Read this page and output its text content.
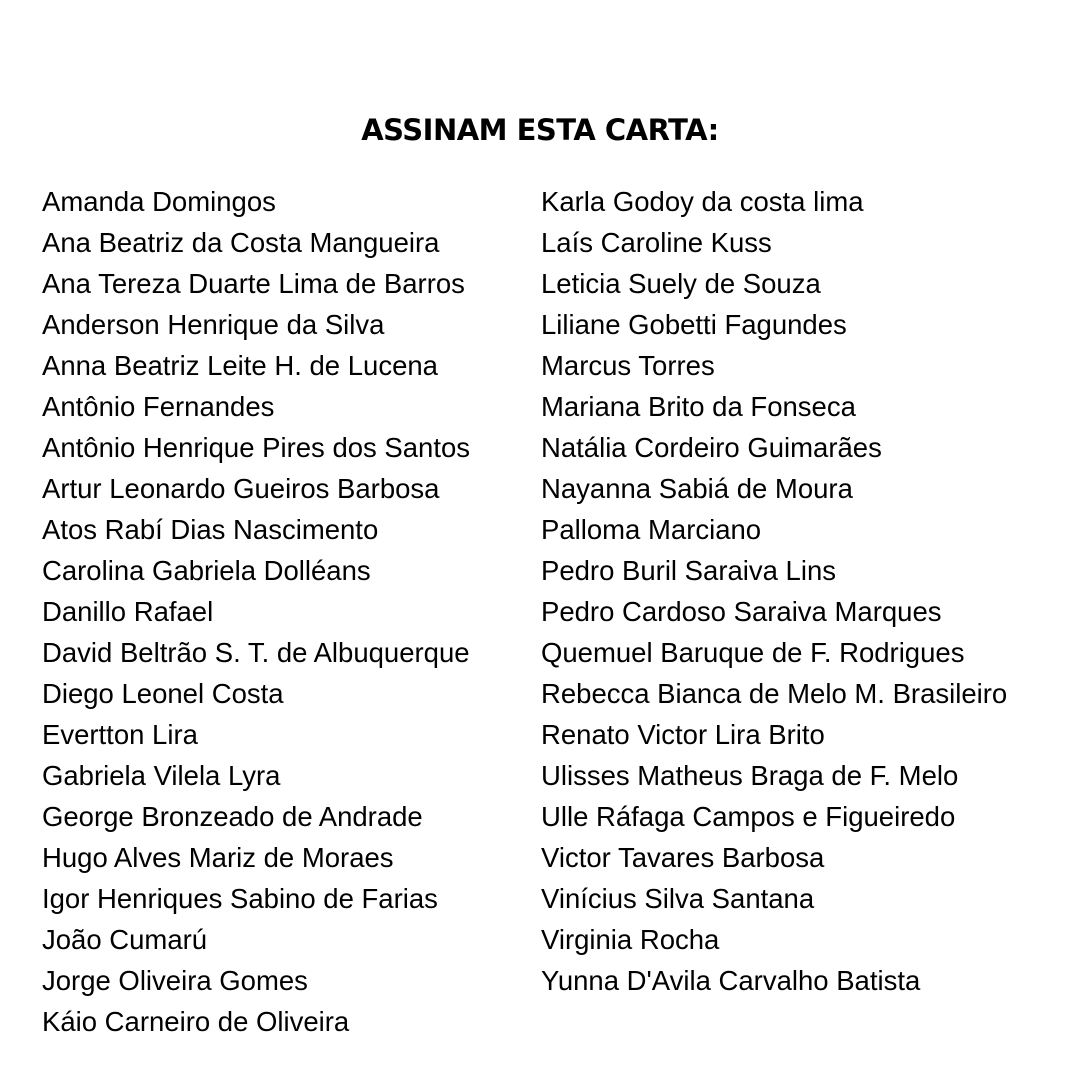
ASSINAM ESTA CARTA:
Amanda Domingos
Ana Beatriz da Costa Mangueira
Ana Tereza Duarte Lima de Barros
Anderson Henrique da Silva
Anna Beatriz Leite H. de Lucena
Antônio Fernandes
Antônio Henrique Pires dos Santos
Artur Leonardo Gueiros Barbosa
Atos Rabí Dias Nascimento
Carolina Gabriela Dolléans
Danillo Rafael
David Beltrão S. T. de Albuquerque
Diego Leonel Costa
Evertton Lira
Gabriela Vilela Lyra
George Bronzeado de Andrade
Hugo Alves Mariz de Moraes
Igor Henriques Sabino de Farias
João Cumarú
Jorge Oliveira Gomes
Káio Carneiro de Oliveira
Karla Godoy da costa lima
Laís Caroline Kuss
Leticia Suely de Souza
Liliane Gobetti Fagundes
Marcus Torres
Mariana Brito da Fonseca
Natália Cordeiro Guimarães
Nayanna Sabiá de Moura
Palloma Marciano
Pedro Buril Saraiva Lins
Pedro Cardoso Saraiva Marques
Quemuel Baruque de F. Rodrigues
Rebecca Bianca de Melo M. Brasileiro
Renato Victor Lira Brito
Ulisses Matheus Braga de F. Melo
Ulle Ráfaga Campos e Figueiredo
Victor Tavares Barbosa
Vinícius Silva Santana
Virginia Rocha
Yunna D'Avila Carvalho Batista
